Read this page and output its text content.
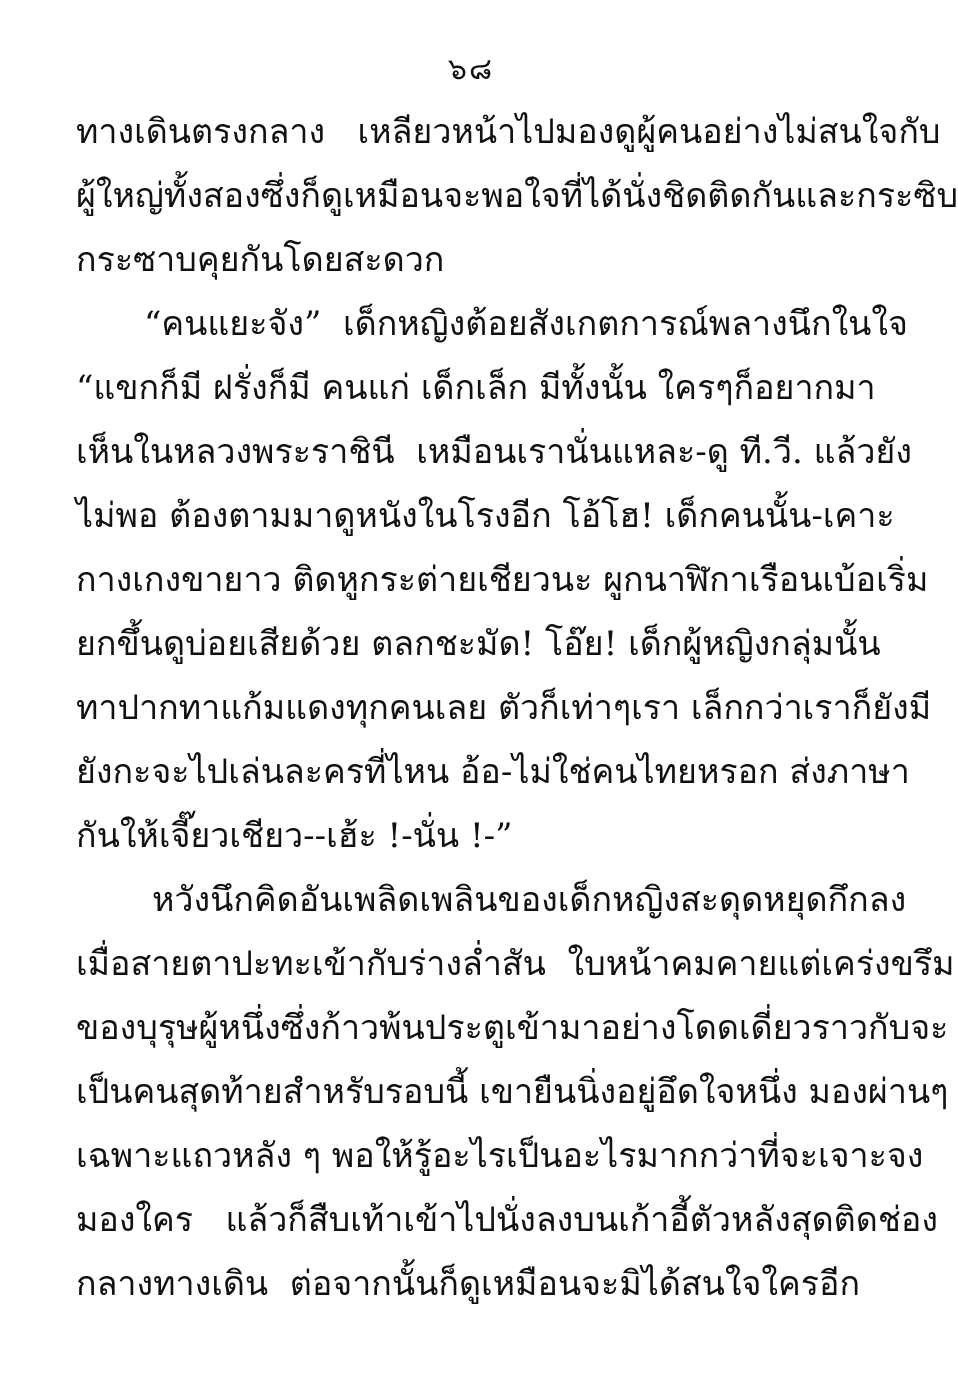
๖๘
ทางเดินตรงกลาง   เหลียวหน้าไปมองดูผู้คนอย่างไม่สนใจกับ
ผู้ใหญ่ทั้งสองซึ่งก็ดูเหมือนจะพอใจที่ได้นั่งชิดติดกันและกระซิบ
กระซาบคุยกันโดยสะดวก
“คนแยะจัง”  เด็กหญิงต้อยสังเกตการณ์พลางนึกในใจ
“แขกก็มี ฝรั่งก็มี คนแก่ เด็กเล็ก มีทั้งนั้น ใครๆก็อยากมา
เห็นในหลวงพระราชินี  เหมือนเรานั่นแหละ-ดู ที.วี. แล้วยัง
ไม่พอ ต้องตามมาดูหนังในโรงอีก โอ้โฮ! เด็กคนนั้น-เคาะ
กางเกงขายาว ติดหูกระต่ายเชียวนะ ผูกนาฬิกาเรือนเบ้อเริ่ม
ยกขึ้นดูบ่อยเสียด้วย ตลกชะมัด! โอ๊ย! เด็กผู้หญิงกลุ่มนั้น
ทาปากทาแก้มแดงทุกคนเลย ตัวก็เท่าๆเรา เล็กกว่าเราก็ยังมี
ยังกะจะไปเล่นละครที่ไหน อ้อ-ไม่ใช่คนไทยหรอก ส่งภาษา
กันให้เจี๊ยวเชียว--เฮ้ะ !-นั่น !-”
หวังนึกคิดอันเพลิดเพลินของเด็กหญิงสะดุดหยุดกึกลง
เมื่อสายตาปะทะเข้ากับร่างล่ำสัน  ใบหน้าคมคายแต่เคร่งขรึม
ของบุรุษผู้หนึ่งซึ่งก้าวพ้นประตูเข้ามาอย่างโดดเดี่ยวราวกับจะ
เป็นคนสุดท้ายสำหรับรอบนี้ เขายืนนิ่งอยู่อึดใจหนึ่ง มองผ่านๆ
เฉพาะแถวหลัง ๆ พอให้รู้อะไรเป็นอะไรมากกว่าที่จะเจาะจง
มองใคร   แล้วก็สืบเท้าเข้าไปนั่งลงบนเก้าอี้ตัวหลังสุดติดช่อง
กลางทางเดิน  ต่อจากนั้นก็ดูเหมือนจะมิได้สนใจใครอีก
